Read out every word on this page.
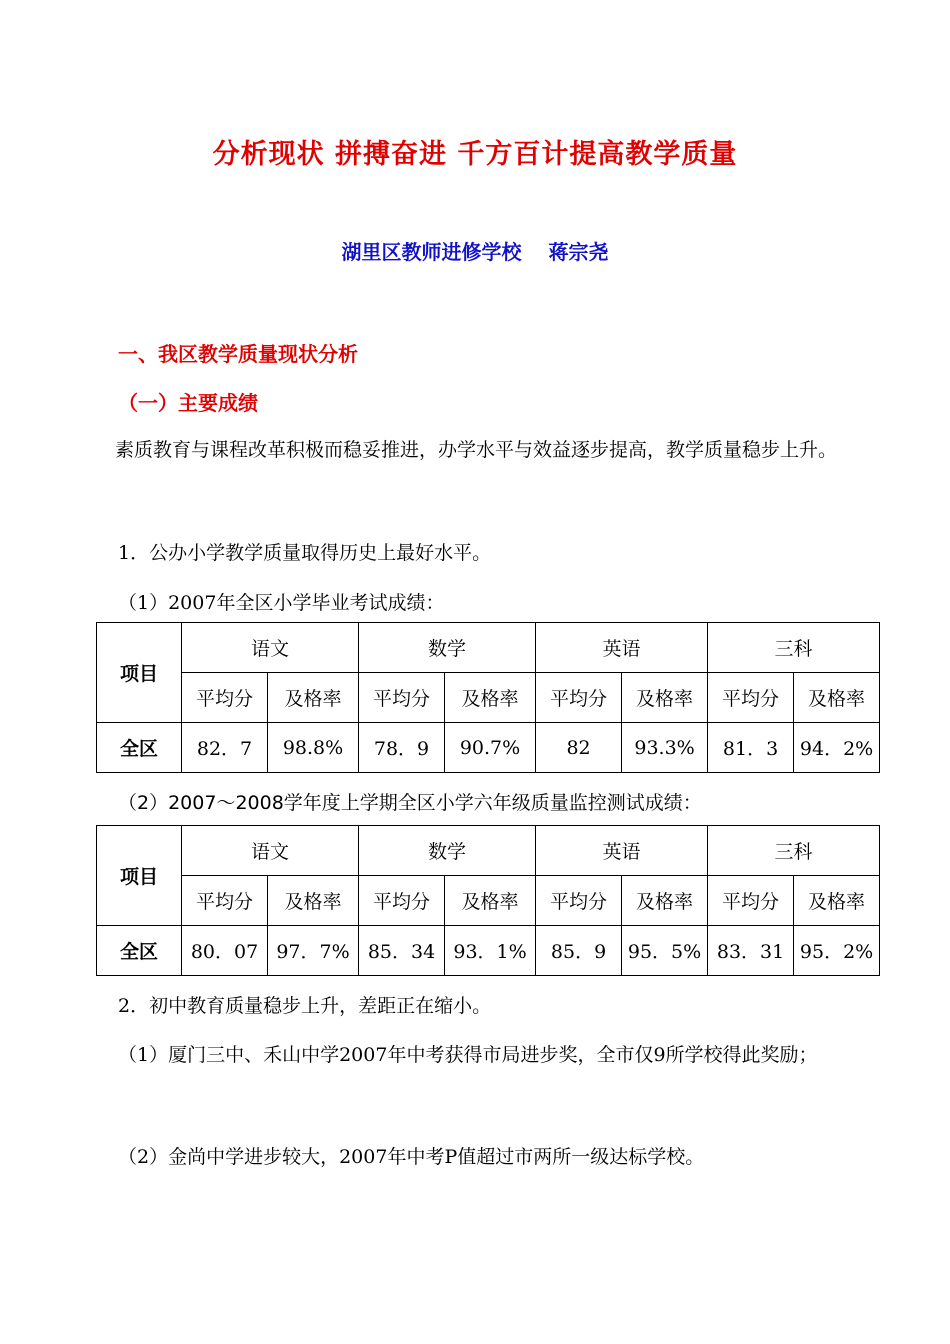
分析现状 拼搏奋进 千方百计提高教学质量
湖里区教师进修学校　 蒋宗尧
一、我区教学质量现状分析
（一）主要成绩
素质教育与课程改革积极而稳妥推进，办学水平与效益逐步提高，教学质量稳步上升。
1．公办小学教学质量取得历史上最好水平。
（1）2007年全区小学毕业考试成绩：
项目	语文		数学		英语		三科	
	平均分	及格率	平均分	及格率	平均分	及格率	平均分	及格率
全区	82．7	98.8%	78．9	90.7%	82	93.3%	81．3	94．2%
（2）2007～2008学年度上学期全区小学六年级质量监控测试成绩：
项目	语文		数学		英语		三科	
	平均分	及格率	平均分	及格率	平均分	及格率	平均分	及格率
全区	80．07	97．7%	85．34	93．1%	85．9	95．5%	83．31	95．2%
2．初中教育质量稳步上升，差距正在缩小。
（1）厦门三中、禾山中学2007年中考获得市局进步奖，全市仅9所学校得此奖励；
（2）金尚中学进步较大，2007年中考P值超过市两所一级达标学校。
